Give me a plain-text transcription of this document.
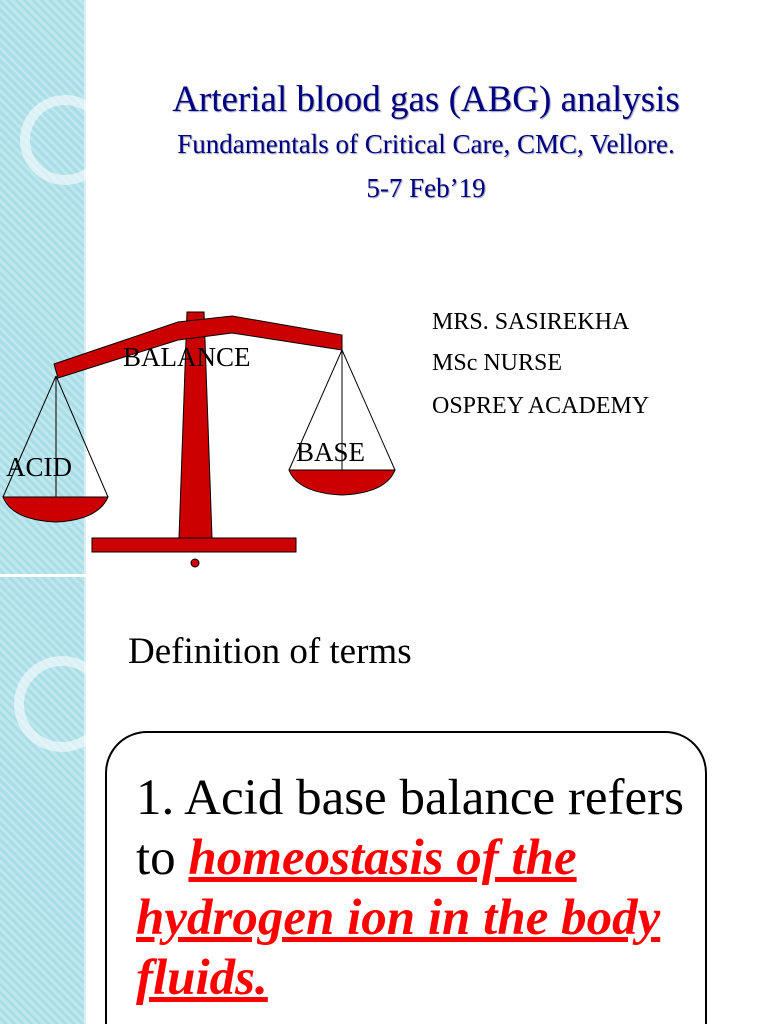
Arterial blood gas (ABG) analysis
Fundamentals of Critical Care, CMC, Vellore.
5-7 Feb’19
MRS. SASIREKHA
MSc NURSE
OSPREY ACADEMY
BALANCE
ACID	BASE
Definition of terms
1. Acid base balance refers to homeostasis of the hydrogen ion in the body fluids.
